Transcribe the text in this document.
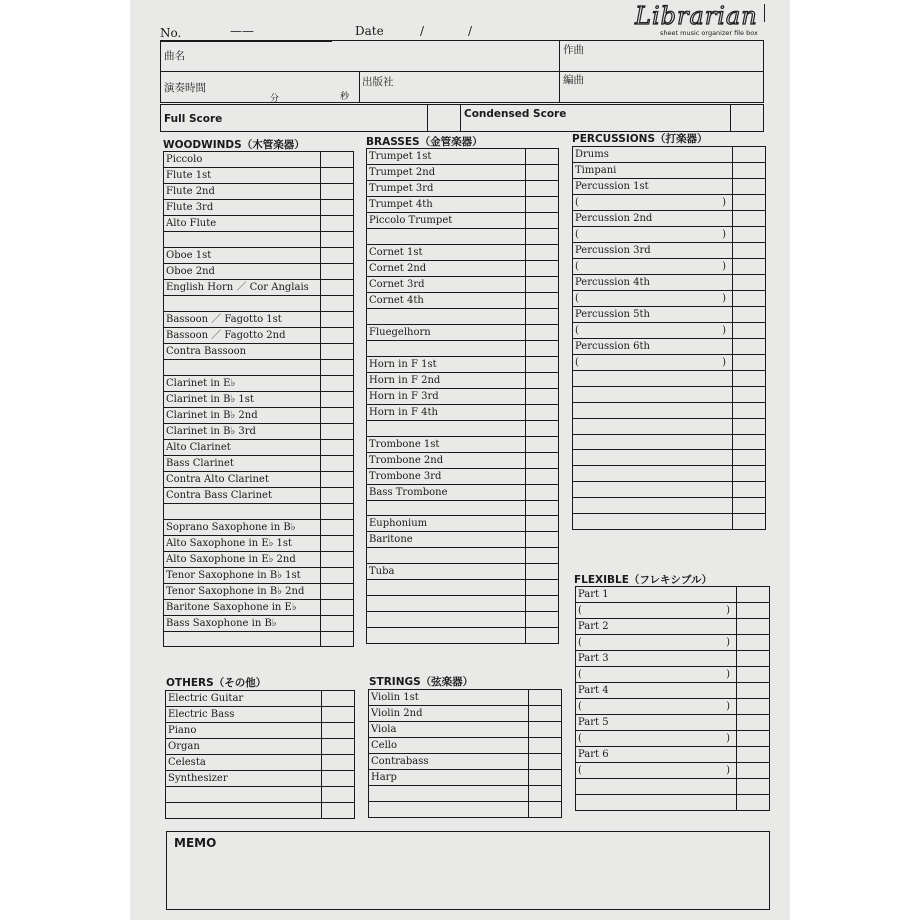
No.	——	Date	/	/
Librarian
sheet music organizer file box
曲名	作曲
演奏時間
分	秒
出版社	編曲
Full Score	Condensed Score
WOODWINDS（木管楽器）	BRASSES（金管楽器）	PERCUSSIONS（打楽器）
FLEXIBLE（フレキシブル）
OTHERS（その他）	STRINGS（弦楽器）
Piccolo	
Flute 1st	
Flute 2nd	
Flute 3rd	
Alto Flute	

Oboe 1st	
Oboe 2nd	
English Horn ／ Cor Anglais	

Bassoon ／ Fagotto 1st	
Bassoon ／ Fagotto 2nd	
Contra Bassoon	

Clarinet in E♭	
Clarinet in B♭ 1st	
Clarinet in B♭ 2nd	
Clarinet in B♭ 3rd	
Alto Clarinet	
Bass Clarinet	
Contra Alto Clarinet	
Contra Bass Clarinet	

Soprano Saxophone in B♭	
Alto Saxophone in E♭ 1st	
Alto Saxophone in E♭ 2nd	
Tenor Saxophone in B♭ 1st	
Tenor Saxophone in B♭ 2nd	
Baritone Saxophone in E♭	
Bass Saxophone in B♭	

Trumpet 1st	
Trumpet 2nd	
Trumpet 3rd	
Trumpet 4th	
Piccolo Trumpet	

Cornet 1st	
Cornet 2nd	
Cornet 3rd	
Cornet 4th	

Fluegelhorn	

Horn in F 1st	
Horn in F 2nd	
Horn in F 3rd	
Horn in F 4th	

Trombone 1st	
Trombone 2nd	
Trombone 3rd	
Bass Trombone	

Euphonium	
Baritone	

Tuba	

Drums	
Timpani	
Percussion 1st	
( )	

Percussion 2nd	
( )	

Percussion 3rd	
( )	

Percussion 4th	
( )	

Percussion 5th	
( )	

Percussion 6th	
( )	

Part 1	
( )	

Part 2	
( )	

Part 3	
( )	

Part 4	
( )	

Part 5	
( )	

Part 6	
( )	

Electric Guitar	
Electric Bass	
Piano	
Organ	
Celesta	
Synthesizer	

Violin 1st	
Violin 2nd	
Viola	
Cello	
Contrabass	
Harp	

MEMO
